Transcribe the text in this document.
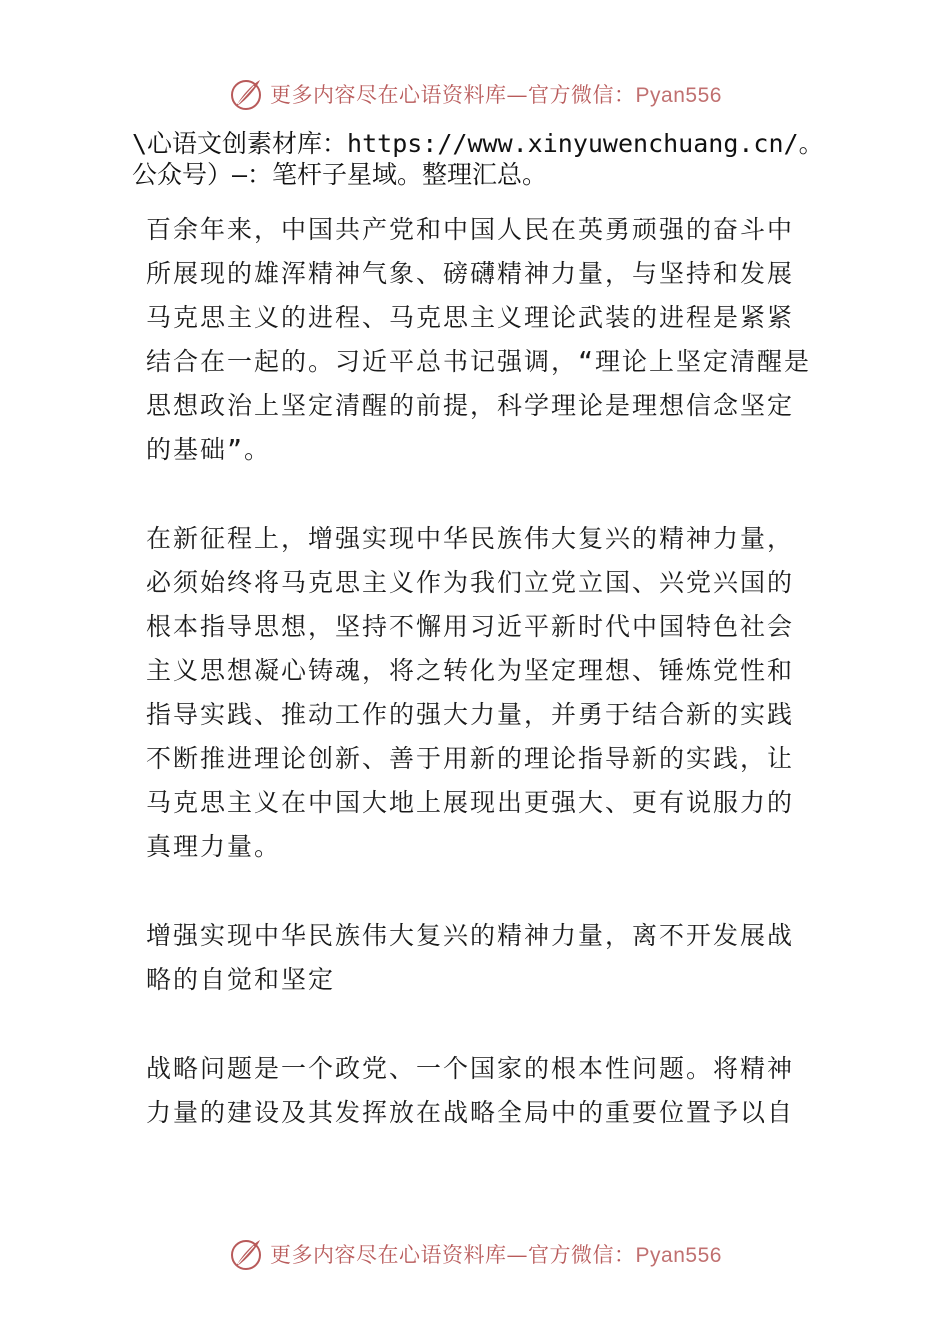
更多内容尽在心语资料库—官方微信：Pyan556

\心语文创素材库：https://www.xinyuwenchuang.cn/。公众号）—：笔杆子星域。整理汇总。

百余年来，中国共产党和中国人民在英勇顽强的奋斗中所展现的雄浑精神气象、磅礴精神力量，与坚持和发展马克思主义的进程、马克思主义理论武装的进程是紧紧结合在一起的。习近平总书记强调，“理论上坚定清醒是思想政治上坚定清醒的前提，科学理论是理想信念坚定的基础”。

在新征程上，增强实现中华民族伟大复兴的精神力量，必须始终将马克思主义作为我们立党立国、兴党兴国的根本指导思想，坚持不懈用习近平新时代中国特色社会主义思想凝心铸魂，将之转化为坚定理想、锤炼党性和指导实践、推动工作的强大力量，并勇于结合新的实践不断推进理论创新、善于用新的理论指导新的实践，让马克思主义在中国大地上展现出更强大、更有说服力的真理力量。

增强实现中华民族伟大复兴的精神力量，离不开发展战略的自觉和坚定

战略问题是一个政党、一个国家的根本性问题。将精神力量的建设及其发挥放在战略全局中的重要位置予以自

更多内容尽在心语资料库—官方微信：Pyan556
